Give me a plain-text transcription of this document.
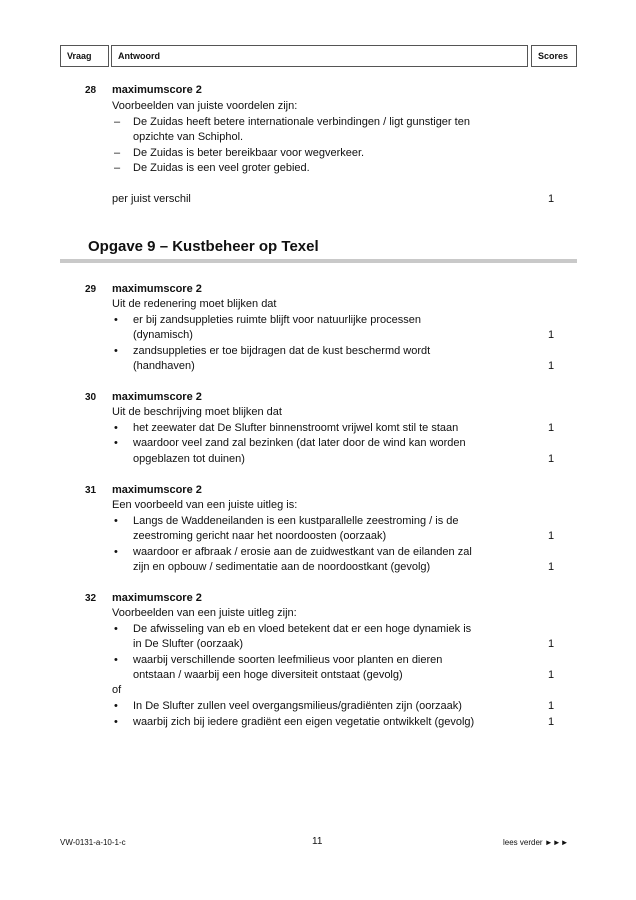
Vraag	Antwoord	Scores
28 maximumscore 2
Voorbeelden van juiste voordelen zijn:
– De Zuidas heeft betere internationale verbindingen / ligt gunstiger ten
opzichte van Schiphol.
– De Zuidas is beter bereikbaar voor wegverkeer.
– De Zuidas is een veel groter gebied.
per juist verschil	1
Opgave 9 – Kustbeheer op Texel
29 maximumscore 2
Uit de redenering moet blijken dat
• er bij zandsuppleties ruimte blijft voor natuurlijke processen
(dynamisch)	1
• zandsuppleties er toe bijdragen dat de kust beschermd wordt
(handhaven)	1
30 maximumscore 2
Uit de beschrijving moet blijken dat
• het zeewater dat De Slufter binnenstroomt vrijwel komt stil te staan	1
• waardoor veel zand zal bezinken (dat later door de wind kan worden
opgeblazen tot duinen)	1
31 maximumscore 2
Een voorbeeld van een juiste uitleg is:
• Langs de Waddeneilanden is een kustparallelle zeestroming / is de
zeestroming gericht naar het noordoosten (oorzaak)	1
• waardoor er afbraak / erosie aan de zuidwestkant van de eilanden zal
zijn en opbouw / sedimentatie aan de noordoostkant (gevolg)	1
32 maximumscore 2
Voorbeelden van een juiste uitleg zijn:
• De afwisseling van eb en vloed betekent dat er een hoge dynamiek is
in De Slufter (oorzaak)	1
• waarbij verschillende soorten leefmilieus voor planten en dieren
ontstaan / waarbij een hoge diversiteit ontstaat (gevolg)	1
of
• In De Slufter zullen veel overgangsmilieus/gradiënten zijn (oorzaak)	1
• waarbij zich bij iedere gradiënt een eigen vegetatie ontwikkelt (gevolg)	1
VW-0131-a-10-1-c	11	lees verder ►►►
